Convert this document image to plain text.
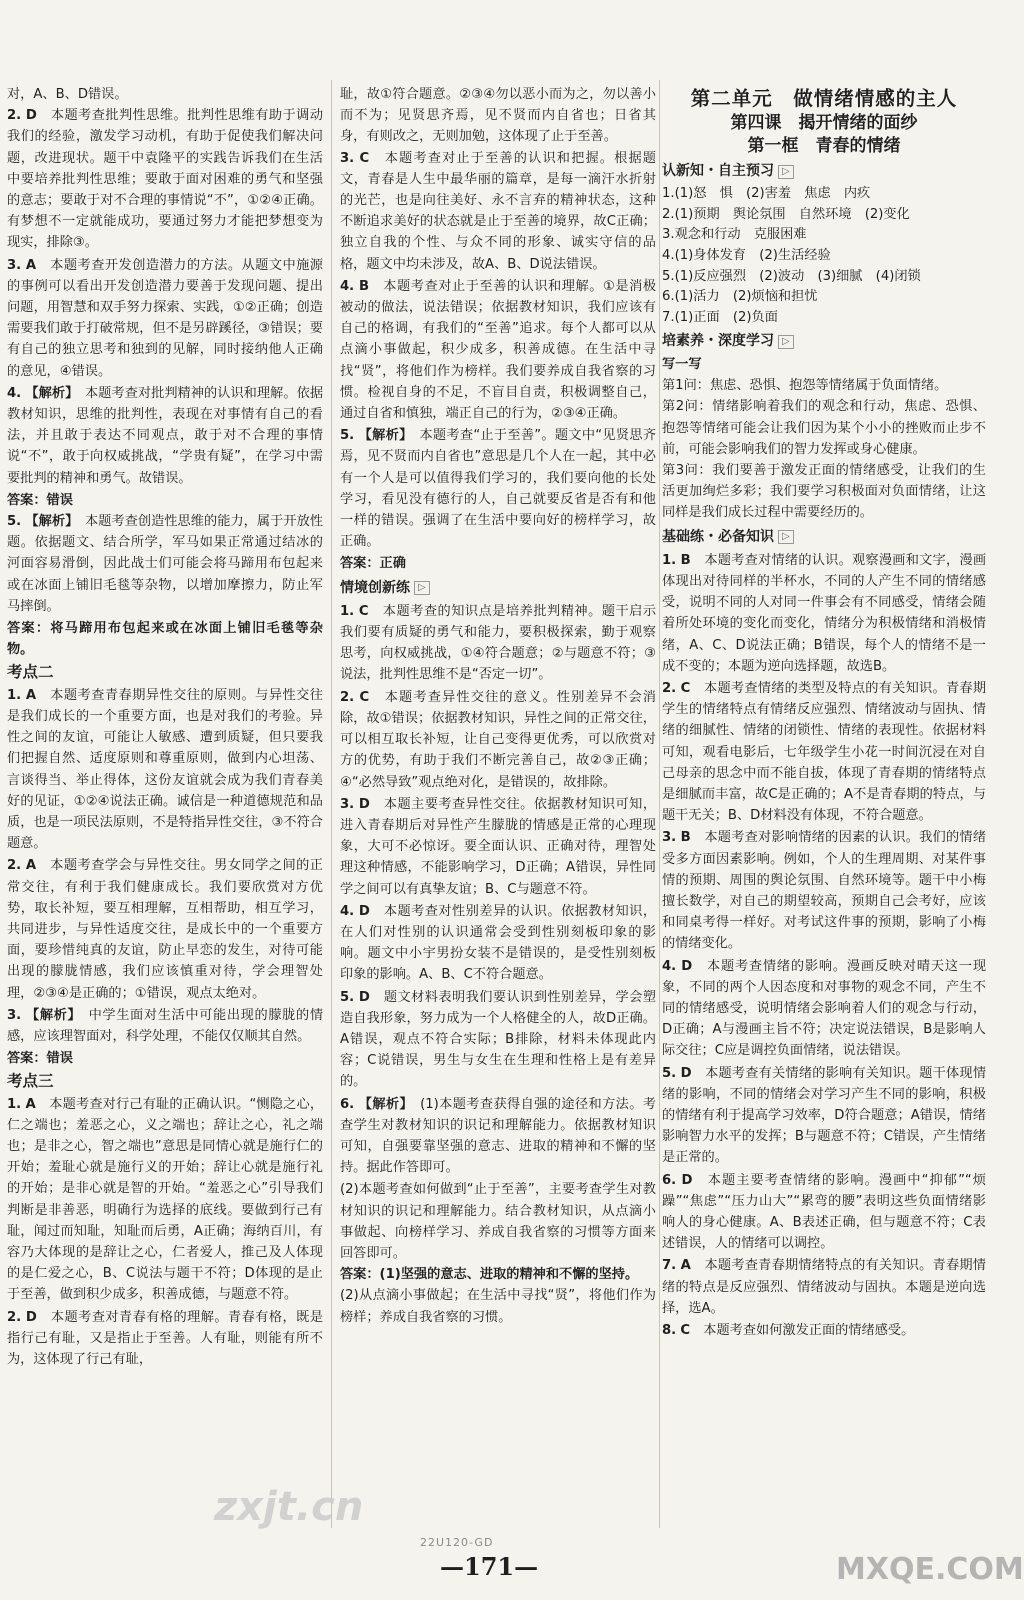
对，A、B、D错误。
2. D　 本题考查批判性思维。批判性思维有助于调动我们的经验，激发学习动机，有助于促使我们解决问题，改进现状。题干中袁隆平的实践告诉我们在生活中要培养批判性思维；要敢于面对困难的勇气和坚强的意志；要敢于对不合理的事情说“不”，①②④正确。有梦想不一定就能成功，要通过努力才能把梦想变为现实，排除③。
3. A　 本题考查开发创造潜力的方法。从题文中施源的事例可以看出开发创造潜力要善于发现问题、提出问题，用智慧和双手努力探索、实践，①②正确；创造需要我们敢于打破常规，但不是另辟蹊径，③错误；要有自己的独立思考和独到的见解，同时接纳他人正确的意见，④错误。
4. 【解析】　 本题考查对批判精神的认识和理解。依据教材知识，思维的批判性，表现在对事情有自己的看法，并且敢于表达不同观点，敢于对不合理的事情说“不”，敢于向权威挑战，“学贵有疑”，在学习中需要批判的精神和勇气。故错误。
答案：错误
5. 【解析】　 本题考查创造性思维的能力，属于开放性题。依据题文、结合所学，军马如果正常通过结冰的河面容易滑倒，因此战士们可能会将马蹄用布包起来或在冰面上铺旧毛毯等杂物，以增加摩擦力，防止军马摔倒。
答案：将马蹄用布包起来或在冰面上铺旧毛毯等杂物。
考点二
1. A　 本题考查青春期异性交往的原则。与异性交往是我们成长的一个重要方面，也是对我们的考验。异性之间的友谊，可能让人敏感、遭到质疑，但只要我们把握自然、适度原则和尊重原则，做到内心坦荡、言谈得当、举止得体，这份友谊就会成为我们青春美好的见证，①②④说法正确。诚信是一种道德规范和品质，也是一项民法原则，不是特指异性交往，③不符合题意。
2. A　 本题考查学会与异性交往。男女同学之间的正常交往，有利于我们健康成长。我们要欣赏对方优势，取长补短，要互相理解，互相帮助，相互学习，共同进步，与异性适度交往，是成长中的一个重要方面，要珍惜纯真的友谊，防止早恋的发生，对待可能出现的朦胧情感，我们应该慎重对待，学会理智处理，②③④是正确的；①错误，观点太绝对。
3. 【解析】　 中学生面对生活中可能出现的朦胧的情感，应该理智面对，科学处理，不能仅仅顺其自然。
答案：错误
考点三
1. A　 本题考查对行己有耻的正确认识。“恻隐之心，仁之端也；羞恶之心，义之端也；辞让之心，礼之端也；是非之心，智之端也”意思是同情心就是施行仁的开始；羞耻心就是施行义的开始；辞让心就是施行礼的开始；是非心就是智的开始。“羞恶之心”引导我们判断是非善恶，明确行为选择的底线。要做到行己有耻，闻过而知耻，知耻而后勇，A正确；海纳百川，有容乃大体现的是辞让之心，仁者爱人，推己及人体现的是仁爱之心，B、C说法与题干不符；D体现的是止于至善，做到积少成多，积善成德，与题意不符。
2. D　 本题考查对青春有格的理解。青春有格，既是指行己有耻，又是指止于至善。人有耻，则能有所不为，这体现了行己有耻，
耻，故①符合题意。②③④勿以恶小而为之，勿以善小而不为；见贤思齐焉，见不贤而内自省也；日省其身，有则改之，无则加勉，这体现了止于至善。
3. C　 本题考查对止于至善的认识和把握。根据题文，青春是人生中最华丽的篇章，是每一滴汗水折射的光芒，也是向往美好、永不言弃的精神状态，这种不断追求美好的状态就是止于至善的境界，故C正确；独立自我的个性、与众不同的形象、诚实守信的品格，题文中均未涉及，故A、B、D说法错误。
4. B　 本题考查对止于至善的认识和理解。①是消极被动的做法，说法错误；依据教材知识，我们应该有自己的格调，有我们的“至善”追求。每个人都可以从点滴小事做起，积少成多，积善成德。在生活中寻找“贤”，将他们作为榜样。我们要养成自我省察的习惯。检视自身的不足，不盲目自责，积极调整自己，通过自省和慎独，端正自己的行为，②③④正确。
5. 【解析】　 本题考查“止于至善”。题文中“见贤思齐焉，见不贤而内自省也”意思是几个人在一起，其中必有一个人是可以值得我们学习的，我们要向他的长处学习，看见没有德行的人，自己就要反省是否有和他一样的错误。强调了在生活中要向好的榜样学习，故正确。
答案：正确
情境创新练 ▷
1. C　 本题考查的知识点是培养批判精神。题干启示我们要有质疑的勇气和能力，要积极探索，勤于观察思考，向权威挑战，①④符合题意；②与题意不符；③说法，批判性思维不是“否定一切”。
2. C　 本题考查异性交往的意义。性别差异不会消除，故①错误；依据教材知识，异性之间的正常交往，可以相互取长补短，让自己变得更优秀，可以欣赏对方的优势，有助于我们不断完善自己，故②③正确；④“必然导致”观点绝对化，是错误的，故排除。
3. D　 本题主要考查异性交往。依据教材知识可知，进入青春期后对异性产生朦胧的情感是正常的心理现象，大可不必惊讶。要全面认识、正确对待，理智处理这种情感，不能影响学习，D正确；A错误，异性同学之间可以有真挚友谊；B、C与题意不符。
4. D　 本题考查对性别差异的认识。依据教材知识，在人们对性别的认识通常会受到性别刻板印象的影响。题文中小宇男扮女装不是错误的，是受性别刻板印象的影响。A、B、C不符合题意。
5. D　 题文材料表明我们要认识到性别差异，学会塑造自我形象，努力成为一个人格健全的人，故D正确。A错误，观点不符合实际；B排除，材料未体现此内容；C说错误，男生与女生在生理和性格上是有差异的。
6. 【解析】　 (1)本题考查获得自强的途径和方法。考查学生对教材知识的识记和理解能力。依据教材知识可知，自强要靠坚强的意志、进取的精神和不懈的坚持。据此作答即可。
(2)本题考查如何做到“止于至善”，主要考查学生对教材知识的识记和理解能力。结合教材知识，从点滴小事做起、向榜样学习、养成自我省察的习惯等方面来回答即可。
答案：(1)坚强的意志、进取的精神和不懈的坚持。
(2)从点滴小事做起；在生活中寻找“贤”，将他们作为榜样；养成自我省察的习惯。
第二单元　做情绪情感的主人
第四课　揭开情绪的面纱
第一框　青春的情绪
认新知・自主预习 ▷
1.(1)怒　惧　(2)害羞　焦虑　内疚
2.(1)预期　舆论氛围　自然环境　(2)变化
3.观念和行动　克服困难
4.(1)身体发育　(2)生活经验
5.(1)反应强烈　(2)波动　(3)细腻　(4)闭锁
6.(1)活力　(2)烦恼和担忧
7.(1)正面　(2)负面
培素养・深度学习 ▷
写一写
第1问：焦虑、恐惧、抱怨等情绪属于负面情绪。
第2问：情绪影响着我们的观念和行动，焦虑、恐惧、抱怨等情绪可能会让我们因为某个小小的挫败而止步不前，可能会影响我们的智力发挥或身心健康。
第3问：我们要善于激发正面的情绪感受，让我们的生活更加绚烂多彩；我们要学习积极面对负面情绪，让这同样是我们成长过程中需要经历的。
基础练・必备知识 ▷
1. B　 本题考查对情绪的认识。观察漫画和文字，漫画体现出对待同样的半杯水，不同的人产生不同的情绪感受，说明不同的人对同一件事会有不同感受，情绪会随着所处环境的变化而变化，情绪分为积极情绪和消极情绪，A、C、D说法正确；B错误，每个人的情绪不是一成不变的；本题为逆向选择题，故选B。
2. C　 本题考查情绪的类型及特点的有关知识。青春期学生的情绪特点有情绪反应强烈、情绪波动与固执、情绪的细腻性、情绪的闭锁性、情绪的表现性。依据材料可知，观看电影后，七年级学生小花一时间沉浸在对自己母亲的思念中而不能自拔，体现了青春期的情绪特点是细腻而丰富，故C是正确的；A不是青春期的特点，与题干无关；B、D材料没有体现，不符合题意。
3. B　 本题考查对影响情绪的因素的认识。我们的情绪受多方面因素影响。例如，个人的生理周期、对某件事情的预期、周围的舆论氛围、自然环境等。题干中小梅擅长数学，对自己的期望较高，预期自己会考好，应该和同桌考得一样好。对考试这件事的预期，影响了小梅的情绪变化。
4. D　 本题考查情绪的影响。漫画反映对晴天这一现象，不同的两个人因态度和对事物的观念不同，产生不同的情绪感受，说明情绪会影响着人们的观念与行动，D正确；A与漫画主旨不符；决定说法错误，B是影响人际交往；C应是调控负面情绪，说法错误。
5. D　 本题考查有关情绪的影响有关知识。题干体现情绪的影响，不同的情绪会对学习产生不同的影响，积极的情绪有利于提高学习效率，D符合题意；A错误，情绪影响智力水平的发挥；B与题意不符；C错误，产生情绪是正常的。
6. D　 本题主要考查情绪的影响。漫画中“抑郁”“烦躁”“焦虑”“压力山大”“累弯的腰”表明这些负面情绪影响人的身心健康。A、B表述正确，但与题意不符；C表述错误，人的情绪可以调控。
7. A　 本题考查青春期情绪特点的有关知识。青春期情绪的特点是反应强烈、情绪波动与固执。本题是逆向选择，选A。
8. C　 本题考查如何激发正面的情绪感受。
zxjt.cn
22U120-GD
—171—	MXQE.COM
